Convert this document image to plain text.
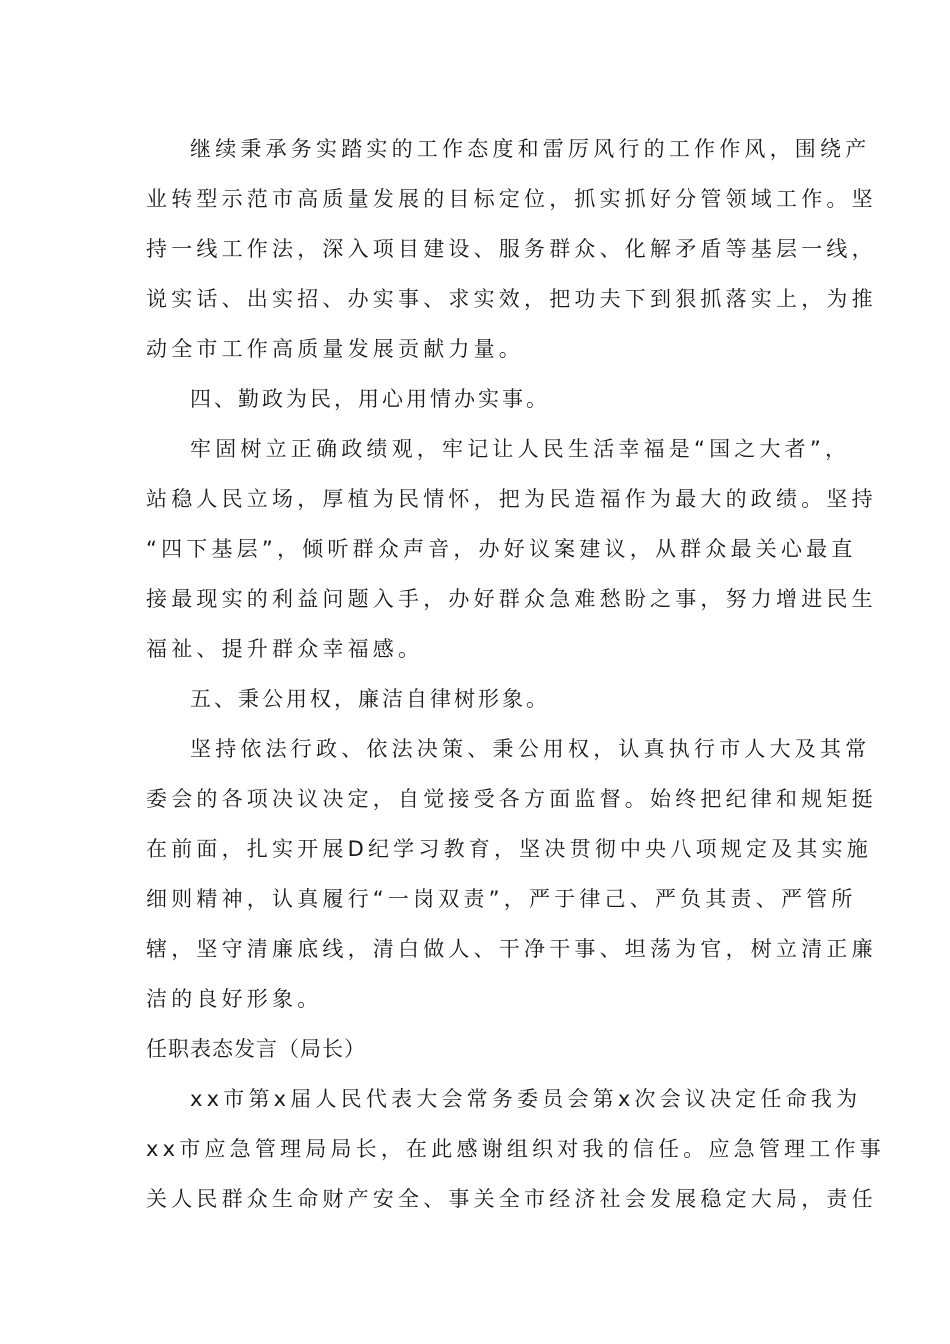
继续秉承务实踏实的工作态度和雷厉风行的工作作风，围绕产
业转型示范市高质量发展的目标定位，抓实抓好分管领域工作。坚
持一线工作法，深入项目建设、服务群众、化解矛盾等基层一线，
说实话、出实招、办实事、求实效，把功夫下到狠抓落实上，为推
动全市工作高质量发展贡献力量。
四、勤政为民，用心用情办实事。
牢固树立正确政绩观，牢记让人民生活幸福是“国之大者”，
站稳人民立场，厚植为民情怀，把为民造福作为最大的政绩。坚持
“四下基层”，倾听群众声音，办好议案建议，从群众最关心最直
接最现实的利益问题入手，办好群众急难愁盼之事，努力增进民生
福祉、提升群众幸福感。
五、秉公用权，廉洁自律树形象。
坚持依法行政、依法决策、秉公用权，认真执行市人大及其常
委会的各项决议决定，自觉接受各方面监督。始终把纪律和规矩挺
在前面，扎实开展D纪学习教育，坚决贯彻中央八项规定及其实施
细则精神，认真履行“一岗双责”，严于律己、严负其责、严管所
辖，坚守清廉底线，清白做人、干净干事、坦荡为官，树立清正廉
洁的良好形象。
任职表态发言（局长）
xx市第x届人民代表大会常务委员会第x次会议决定任命我为
xx市应急管理局局长，在此感谢组织对我的信任。应急管理工作事
关人民群众生命财产安全、事关全市经济社会发展稳定大局，责任
